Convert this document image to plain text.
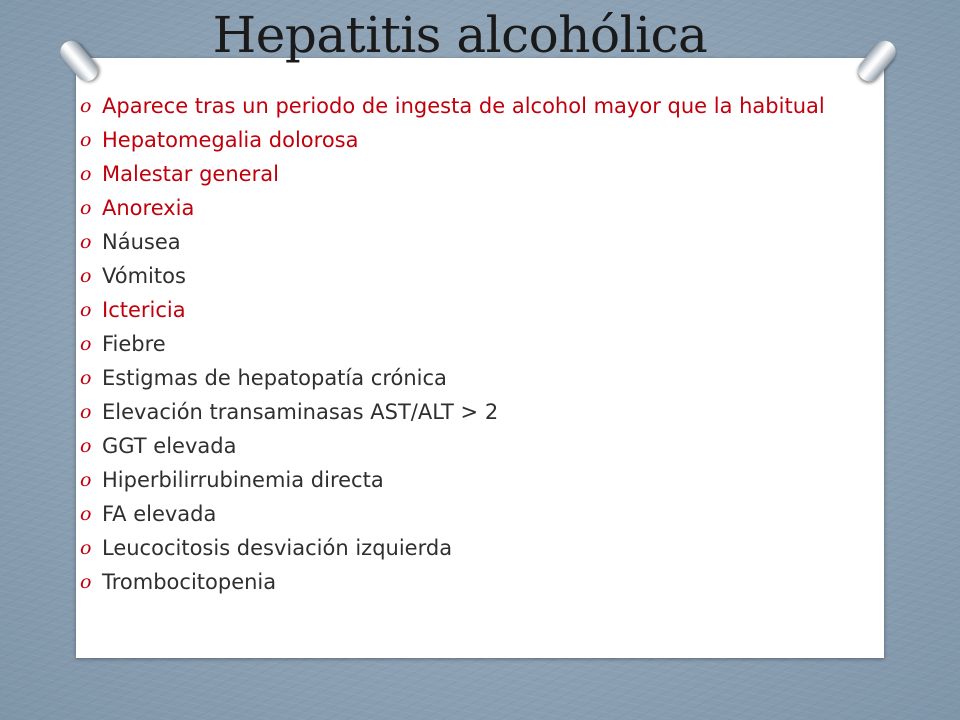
Hepatitis alcohólica
o Aparece tras un periodo de ingesta de alcohol mayor que la habitual
o Hepatomegalia dolorosa
o Malestar general
o Anorexia
o Náusea
o Vómitos
o Ictericia
o Fiebre
o Estigmas de hepatopatía crónica
o Elevación transaminasas AST/ALT > 2
o GGT elevada
o Hiperbilirrubinemia directa
o FA elevada
o Leucocitosis desviación izquierda
o Trombocitopenia
